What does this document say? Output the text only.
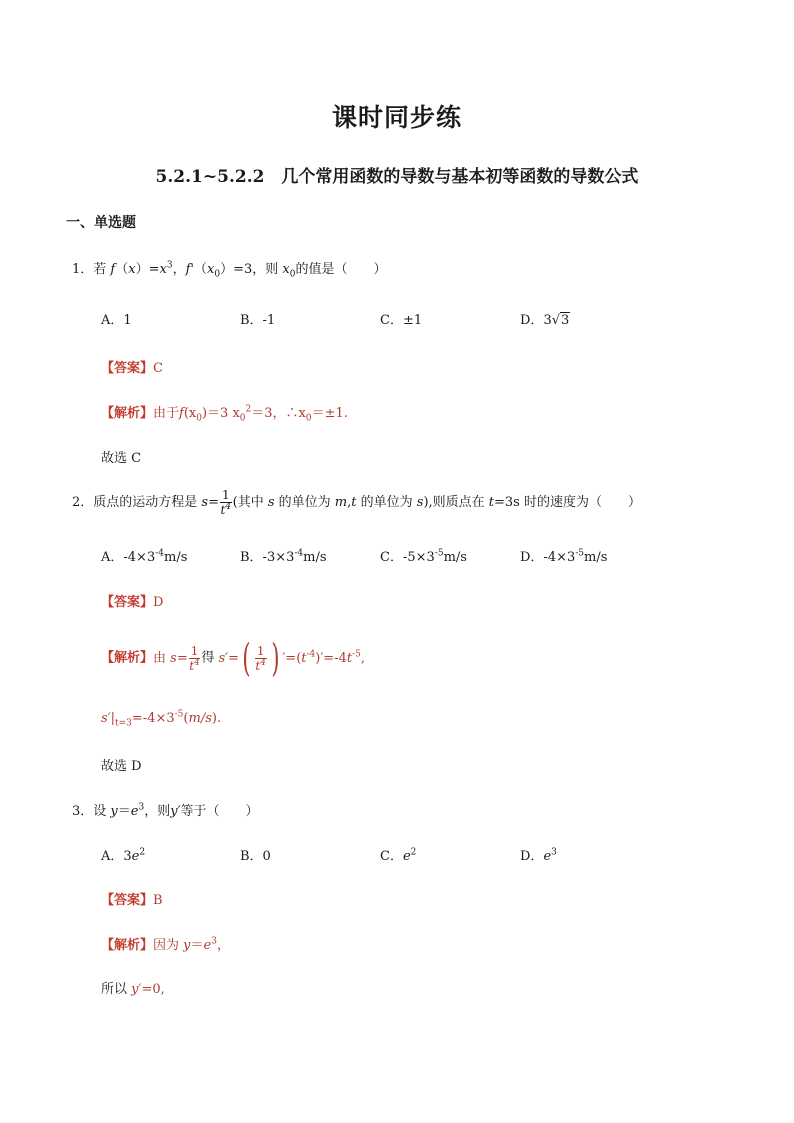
课时同步练
5.2.1~5.2.2　几个常用函数的导数与基本初等函数的导数公式
一、单选题
1．若 $f(x)=x^3$，$f'(x_0)=3$，则 $x_0$的值是（　　）
A．1	B．-1	C．±1	D．3√3
【答案】C
【解析】由于$f(x_0)=3$ $x_0^2=3$，$\therefore x_0=\pm 1$.
故选 C
2．质点的运动方程是 $s= \frac{1}{t^4}$ (其中 s 的单位为 m,t 的单位为 s),则质点在 t=3s 时的速度为（　　）
A．$-4\times 3^{-4}m/s$	B．$-3\times 3^{-4}m/s$	C．$-5\times 3^{-5}m/s$	D．$-4\times 3^{-5}m/s$
【答案】D
【解析】由 $s= \frac{1}{t^4}$ 得 $s'=( \frac{1}{t^4}$ ) $'=(t^{-4})'=-4t^{-5}$,
$s'|_{t=3}=-4\times 3^{-5}(m/s)$.
故选 D
3．设 $y=e^3$，则y′等于（　　）
A．$3e^2$	B．0	C．$e^2$	D．$e^3$
【答案】B
【解析】因为 $y=e^3$，
所以 y′=0,
